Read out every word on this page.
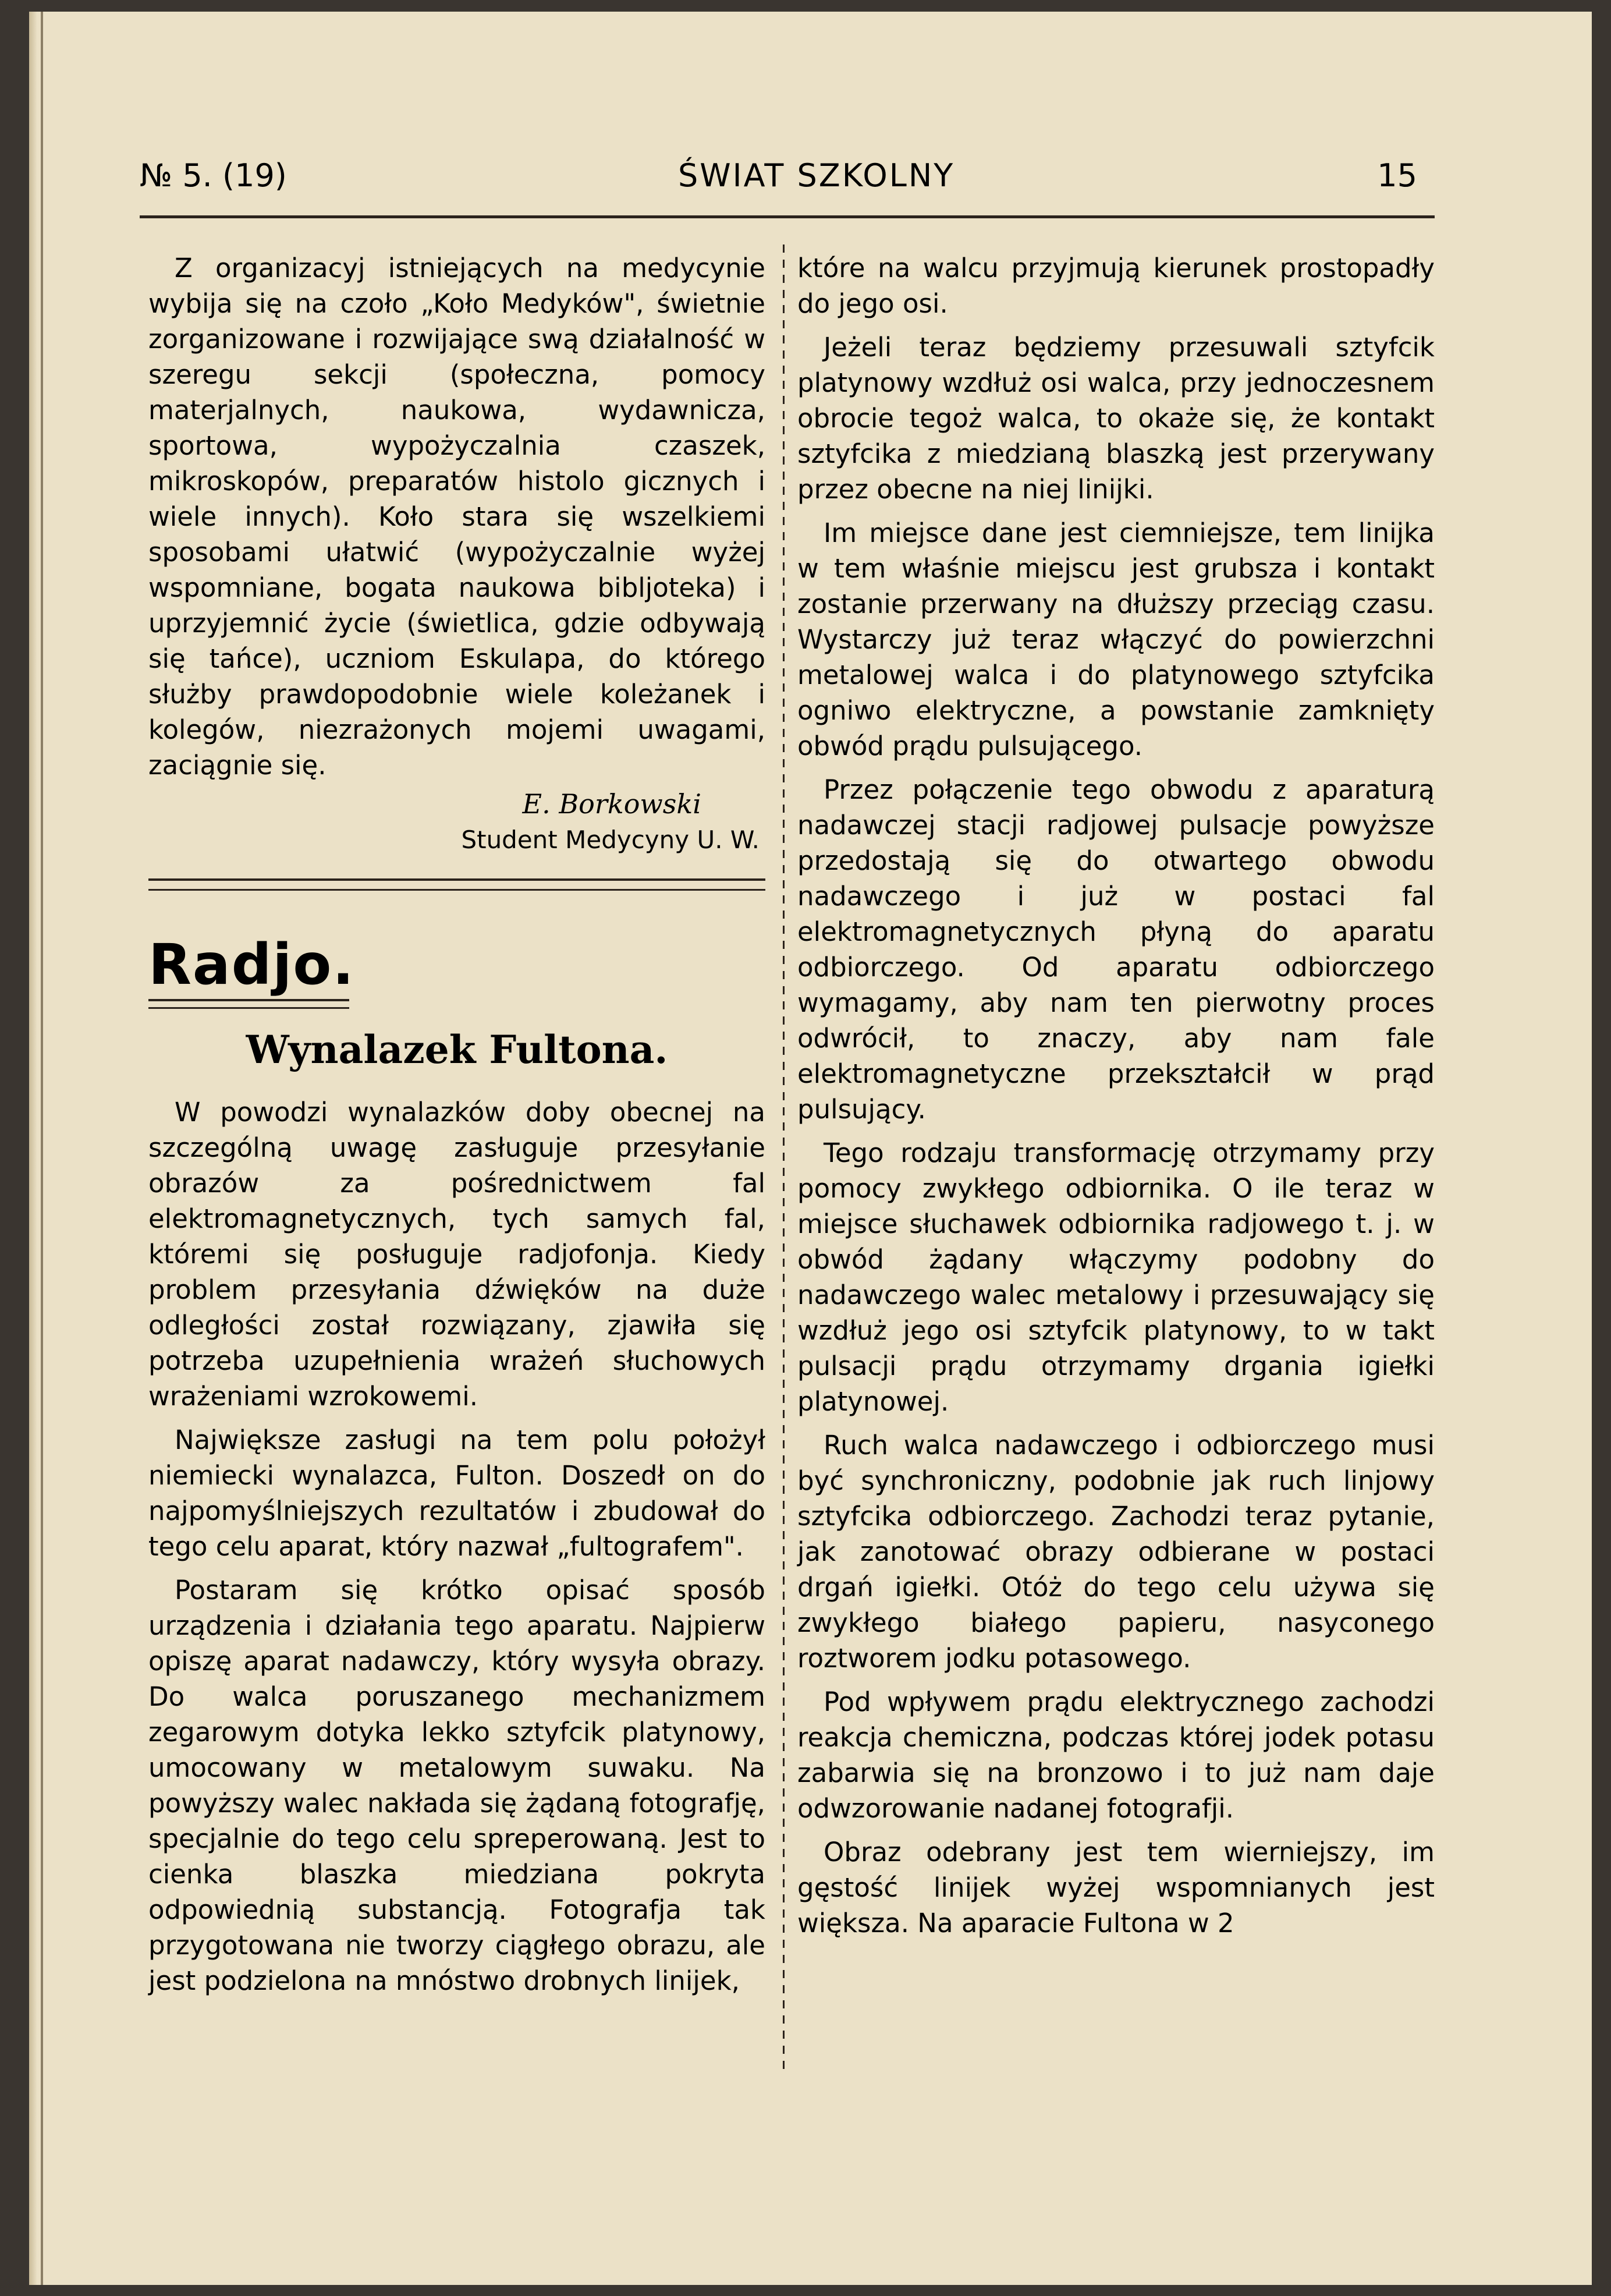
№ 5. (19)	ŚWIAT SZKOLNY	15

Z organizacyj istniejących na medycynie wybija się na czoło „Koło Medyków", świetnie zorganizowane i rozwijające swą działalność w szeregu sekcji (społeczna, pomocy materjalnych, naukowa, wydawnicza, sportowa, wypożyczalnia czaszek, mikroskopów, preparatów histolo gicznych i wiele innych). Koło stara się wszelkiemi sposobami ułatwić (wypożyczalnie wyżej wspomniane, bogata naukowa bibljoteka) i uprzyjemnić życie (świetlica, gdzie odbywają się tańce), uczniom Eskulapa, do którego służby prawdopodobnie wiele koleżanek i kolegów, niezrażonych mojemi uwagami, zaciągnie się.

E. Borkowski
Student Medycyny U. W.
Radjo.
Wynalazek Fultona.

W powodzi wynalazków doby obecnej na szczególną uwagę zasługuje przesyłanie obrazów za pośrednictwem fal elektromagnetycznych, tych samych fal, któremi się posługuje radjofonja. Kiedy problem przesyłania dźwięków na duże odległości został rozwiązany, zjawiła się potrzeba uzupełnienia wrażeń słuchowych wrażeniami wzrokowemi.

Największe zasługi na tem polu położył niemiecki wynalazca, Fulton. Doszedł on do najpomyślniejszych rezultatów i zbudował do tego celu aparat, który nazwał „fultografem".

Postaram się krótko opisać sposób urządzenia i działania tego aparatu. Najpierw opiszę aparat nadawczy, który wysyła obrazy. Do walca poruszanego mechanizmem zegarowym dotyka lekko sztyfcik platynowy, umocowany w metalowym suwaku. Na powyższy walec nakłada się żądaną fotografję, specjalnie do tego celu spreperowaną. Jest to cienka blaszka miedziana pokryta odpowiednią substancją. Fotografja tak przygotowana nie tworzy ciągłego obrazu, ale jest podzielona na mnóstwo drobnych linijek,

które na walcu przyjmują kierunek prostopadły do jego osi.

Jeżeli teraz będziemy przesuwali sztyfcik platynowy wzdłuż osi walca, przy jednoczesnem obrocie tegoż walca, to okaże się, że kontakt sztyfcika z miedzianą blaszką jest przerywany przez obecne na niej linijki.

Im miejsce dane jest ciemniejsze, tem linijka w tem właśnie miejscu jest grubsza i kontakt zostanie przerwany na dłuższy przeciąg czasu. Wystarczy już teraz włączyć do powierzchni metalowej walca i do platynowego sztyfcika ogniwo elektryczne, a powstanie zamknięty obwód prądu pulsującego.

Przez połączenie tego obwodu z aparaturą nadawczej stacji radjowej pulsacje powyższe przedostają się do otwartego obwodu nadawczego i już w postaci fal elektromagnetycznych płyną do aparatu odbiorczego. Od aparatu odbiorczego wymagamy, aby nam ten pierwotny proces odwrócił, to znaczy, aby nam fale elektromagnetyczne przekształcił w prąd pulsujący.

Tego rodzaju transformację otrzymamy przy pomocy zwykłego odbiornika. O ile teraz w miejsce słuchawek odbiornika radjowego t. j. w obwód żądany włączymy podobny do nadawczego walec metalowy i przesuwający się wzdłuż jego osi sztyfcik platynowy, to w takt pulsacji prądu otrzymamy drgania igiełki platynowej.

Ruch walca nadawczego i odbiorczego musi być synchroniczny, podobnie jak ruch linjowy sztyfcika odbiorczego. Zachodzi teraz pytanie, jak zanotować obrazy odbierane w postaci drgań igiełki. Otóż do tego celu używa się zwykłego białego papieru, nasyconego roztworem jodku potasowego.

Pod wpływem prądu elektrycznego zachodzi reakcja chemiczna, podczas której jodek potasu zabarwia się na bronzowo i to już nam daje odwzorowanie nadanej fotografji.

Obraz odebrany jest tem wierniejszy, im gęstość linijek wyżej wspomnianych jest większa. Na aparacie Fultona w 2
